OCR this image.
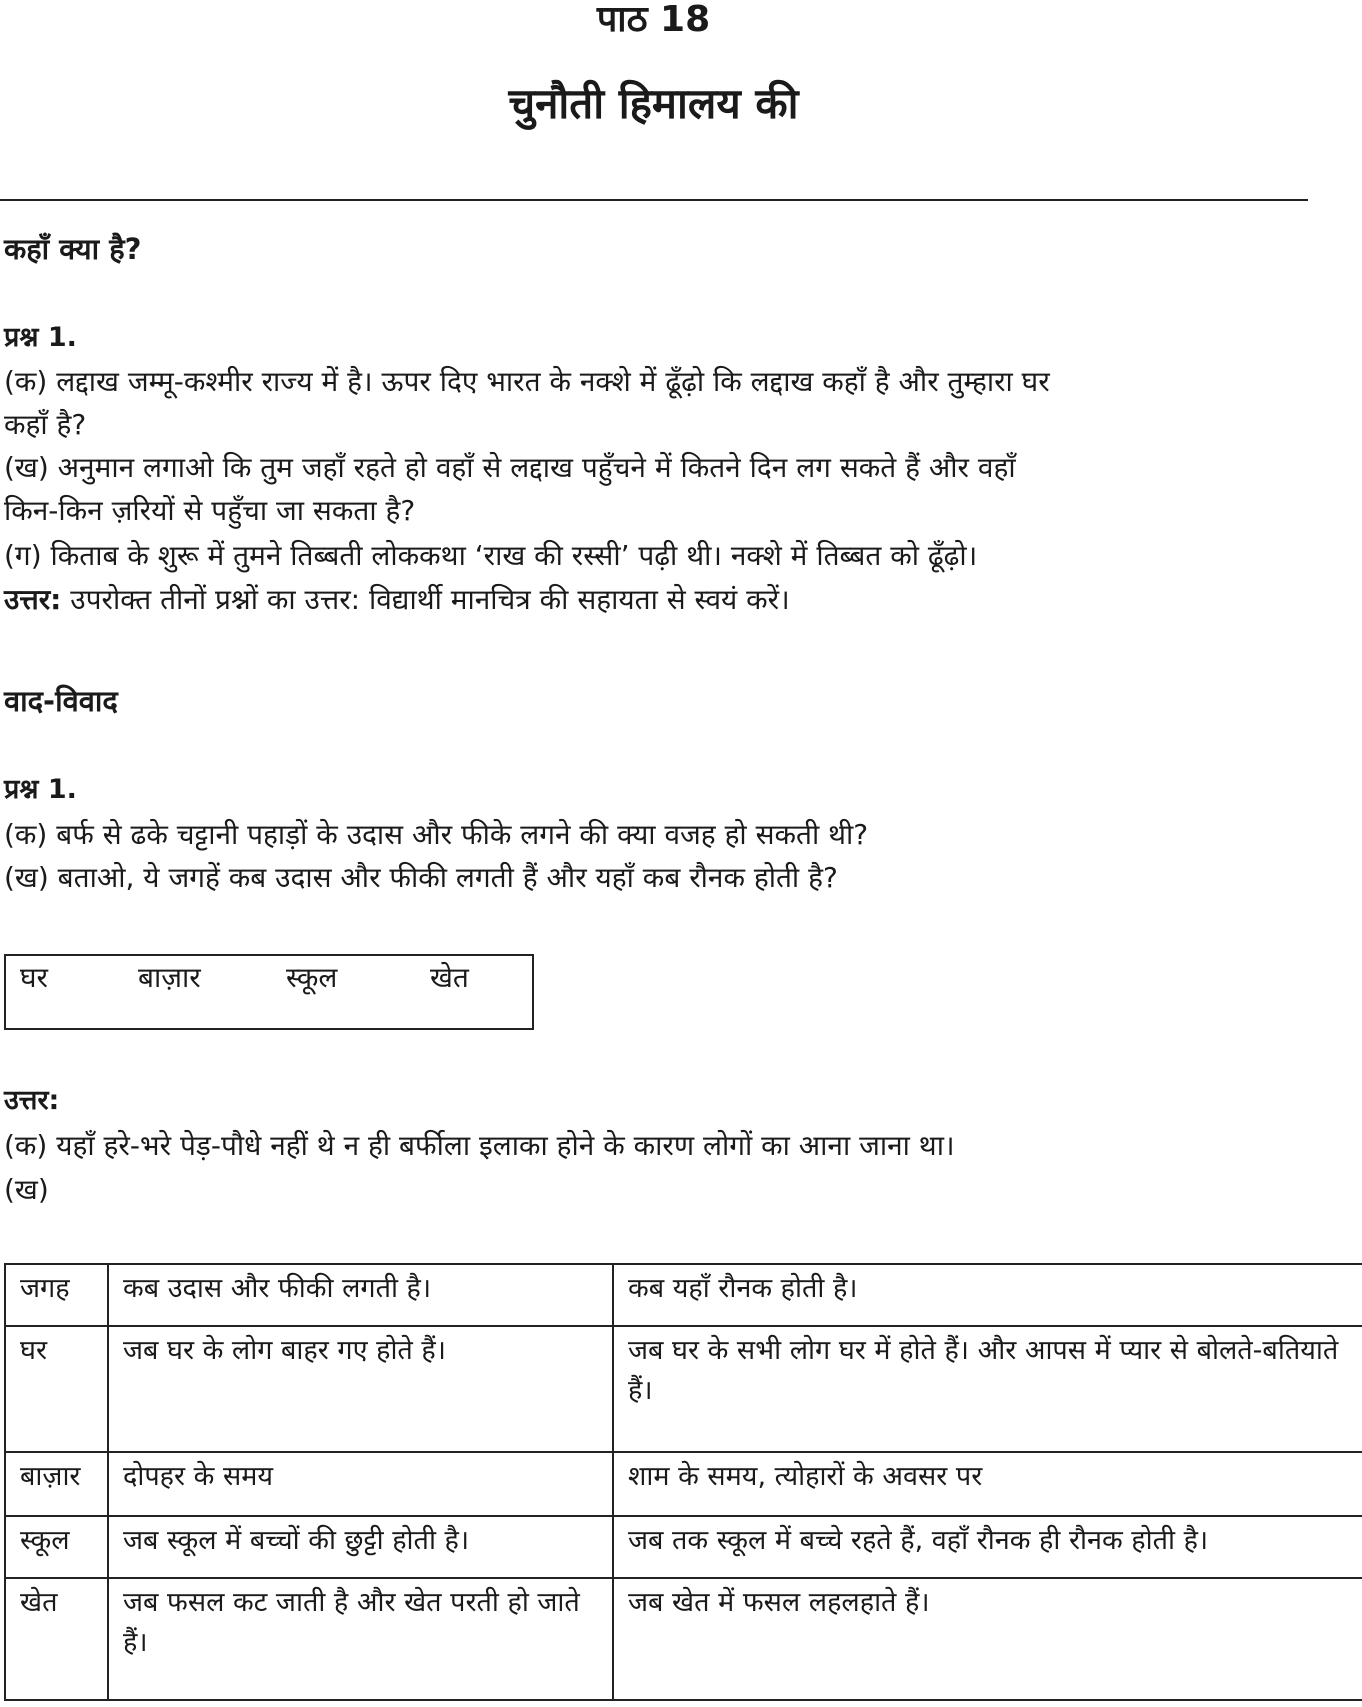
पाठ 18
चुनौती हिमालय की
कहाँ क्या है?
प्रश्न 1.
(क) लद्दाख जम्मू-कश्मीर राज्य में है। ऊपर दिए भारत के नक्शे में ढूँढ़ो कि लद्दाख कहाँ है और तुम्हारा घर
कहाँ है?
(ख) अनुमान लगाओ कि तुम जहाँ रहते हो वहाँ से लद्दाख पहुँचने में कितने दिन लग सकते हैं और वहाँ
किन-किन ज़रियों से पहुँचा जा सकता है?
(ग) किताब के शुरू में तुमने तिब्बती लोककथा ‘राख की रस्सी’ पढ़ी थी। नक्शे में तिब्बत को ढूँढ़ो।
उत्तर: उपरोक्त तीनों प्रश्नों का उत्तर: विद्यार्थी मानचित्र की सहायता से स्वयं करें।
वाद-विवाद
प्रश्न 1.
(क) बर्फ से ढके चट्टानी पहाड़ों के उदास और फीके लगने की क्या वजह हो सकती थी?
(ख) बताओ, ये जगहें कब उदास और फीकी लगती हैं और यहाँ कब रौनक होती है?
घर	बाज़ार	स्कूल	खेत
उत्तर:
(क) यहाँ हरे-भरे पेड़-पौधे नहीं थे न ही बर्फीला इलाका होने के कारण लोगों का आना जाना था।
(ख)
जगह	कब उदास और फीकी लगती है।	कब यहाँ रौनक होती है।
घर	जब घर के लोग बाहर गए होते हैं।	जब घर के सभी लोग घर में होते हैं। और आपस में प्यार से बोलते-बतियाते हैं।
बाज़ार	दोपहर के समय	शाम के समय, त्योहारों के अवसर पर
स्कूल	जब स्कूल में बच्चों की छुट्टी होती है।	जब तक स्कूल में बच्चे रहते हैं, वहाँ रौनक ही रौनक होती है।
खेत	जब फसल कट जाती है और खेत परती हो जाते हैं।	जब खेत में फसल लहलहाते हैं।
